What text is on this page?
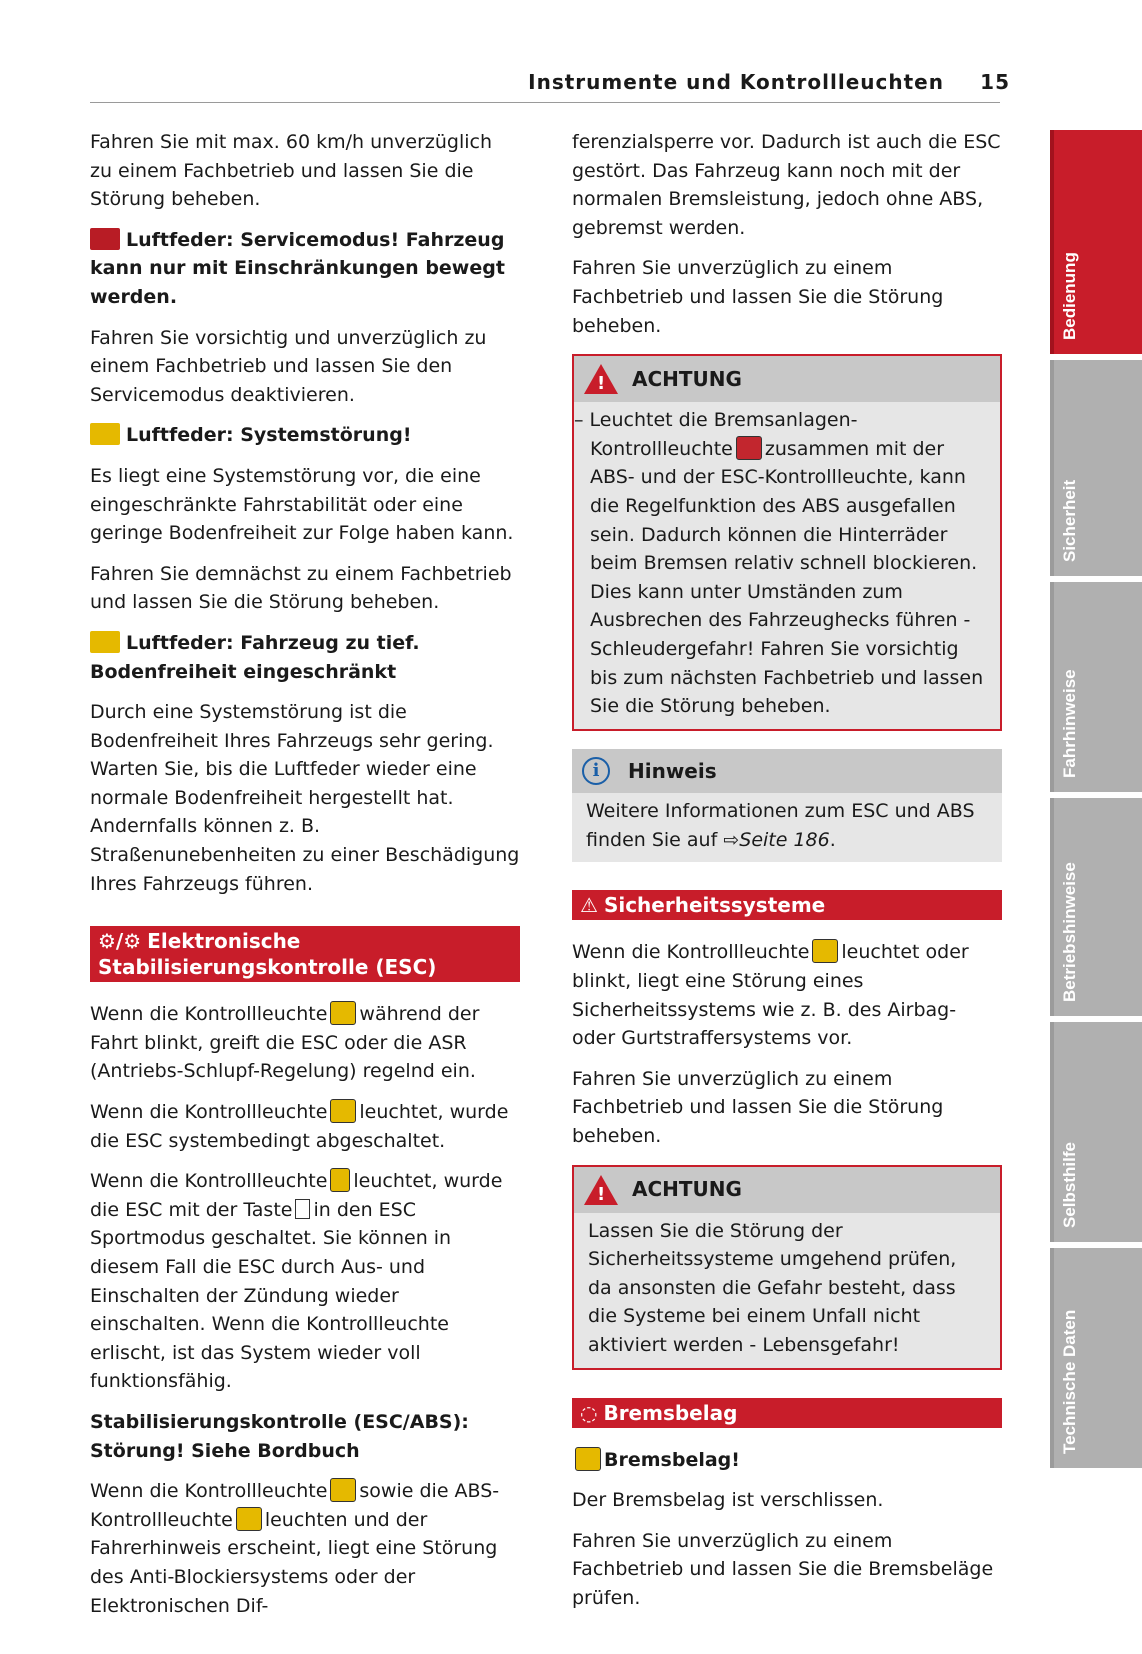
Instrumente und Kontrollleuchten 15

Fahren Sie mit max. 60 km/h unverzüglich zu einem Fachbetrieb und lassen Sie die Störung beheben.

Luftfeder: Servicemodus! Fahrzeug kann nur mit Einschränkungen bewegt werden.

Fahren Sie vorsichtig und unverzüglich zu einem Fachbetrieb und lassen Sie den Servicemodus deaktivieren.

Luftfeder: Systemstörung!

Es liegt eine Systemstörung vor, die eine eingeschränkte Fahrstabilität oder eine geringe Bodenfreiheit zur Folge haben kann.

Fahren Sie demnächst zu einem Fachbetrieb und lassen Sie die Störung beheben.

Luftfeder: Fahrzeug zu tief. Bodenfreiheit eingeschränkt

Durch eine Systemstörung ist die Bodenfreiheit Ihres Fahrzeugs sehr gering. Warten Sie, bis die Luftfeder wieder eine normale Bodenfreiheit hergestellt hat. Andernfalls können z. B. Straßenunebenheiten zu einer Beschädigung Ihres Fahrzeugs führen.

⚙/⚙ Elektronische Stabilisierungskontrolle (ESC)

Wenn die Kontrollleuchte während der Fahrt blinkt, greift die ESC oder die ASR (Antriebs-Schlupf-Regelung) regelnd ein.

Wenn die Kontrollleuchte leuchtet, wurde die ESC systembedingt abgeschaltet.

Wenn die Kontrollleuchte leuchtet, wurde die ESC mit der Taste in den ESC Sportmodus geschaltet. Sie können in diesem Fall die ESC durch Aus- und Einschalten der Zündung wieder einschalten. Wenn die Kontrollleuchte erlischt, ist das System wieder voll funktionsfähig.

Stabilisierungskontrolle (ESC/ABS): Störung! Siehe Bordbuch

Wenn die Kontrollleuchte sowie die ABS-Kontrollleuchte leuchten und der Fahrerhinweis erscheint, liegt eine Störung des Anti-Blockiersystems oder der Elektronischen Dif-

ferenzialsperre vor. Dadurch ist auch die ESC gestört. Das Fahrzeug kann noch mit der normalen Bremsleistung, jedoch ohne ABS, gebremst werden.

Fahren Sie unverzüglich zu einem Fachbetrieb und lassen Sie die Störung beheben.

!
ACHTUNG
– Leuchtet die Bremsanlagen-Kontrollleuchte zusammen mit der ABS- und der ESC-Kontrollleuchte, kann die Regelfunktion des ABS ausgefallen sein. Dadurch können die Hinterräder beim Bremsen relativ schnell blockieren. Dies kann unter Umständen zum Ausbrechen des Fahrzeughecks führen - Schleudergefahr! Fahren Sie vorsichtig bis zum nächsten Fachbetrieb und lassen Sie die Störung beheben.
i	Hinweis
Weitere Informationen zum ESC und ABS finden Sie auf ⇨Seite 186.
⚠ Sicherheitssysteme

Wenn die Kontrollleuchte leuchtet oder blinkt, liegt eine Störung eines Sicherheitssystems wie z. B. des Airbag- oder Gurtstraffersystems vor.

Fahren Sie unverzüglich zu einem Fachbetrieb und lassen Sie die Störung beheben.

!
ACHTUNG
Lassen Sie die Störung der Sicherheitssysteme umgehend prüfen, da ansonsten die Gefahr besteht, dass die Systeme bei einem Unfall nicht aktiviert werden - Lebensgefahr!
◌ Bremsbelag
Bremsbelag!

Der Bremsbelag ist verschlissen.

Fahren Sie unverzüglich zu einem Fachbetrieb und lassen Sie die Bremsbeläge prüfen.

Bedienung
Sicherheit
Fahrhinweise
Betriebshinweise
Selbsthilfe
Technische Daten
